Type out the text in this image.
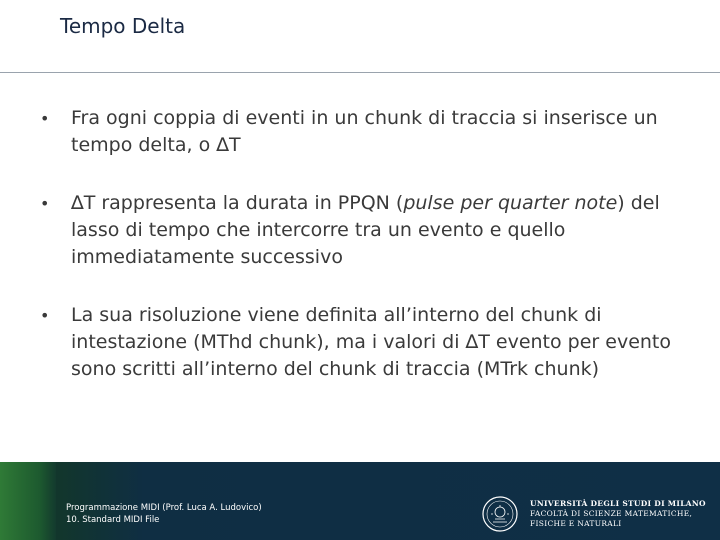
Tempo Delta
• Fra ogni coppia di eventi in un chunk di traccia si inserisce un tempo delta, o ∆T
• ∆T rappresenta la durata in PPQN (pulse per quarter note) del lasso di tempo che intercorre tra un evento e quello immediatamente successivo
• La sua risoluzione viene definita all’interno del chunk di intestazione (MThd chunk), ma i valori di ∆T evento per evento sono scritti all’interno del chunk di traccia (MTrk chunk)
Programmazione MIDI (Prof. Luca A. Ludovico)
10. Standard MIDI File
UNIVERSITÀ DEGLI STUDI DI MILANO
FACOLTÀ DI SCIENZE MATEMATICHE,
FISICHE E NATURALI
